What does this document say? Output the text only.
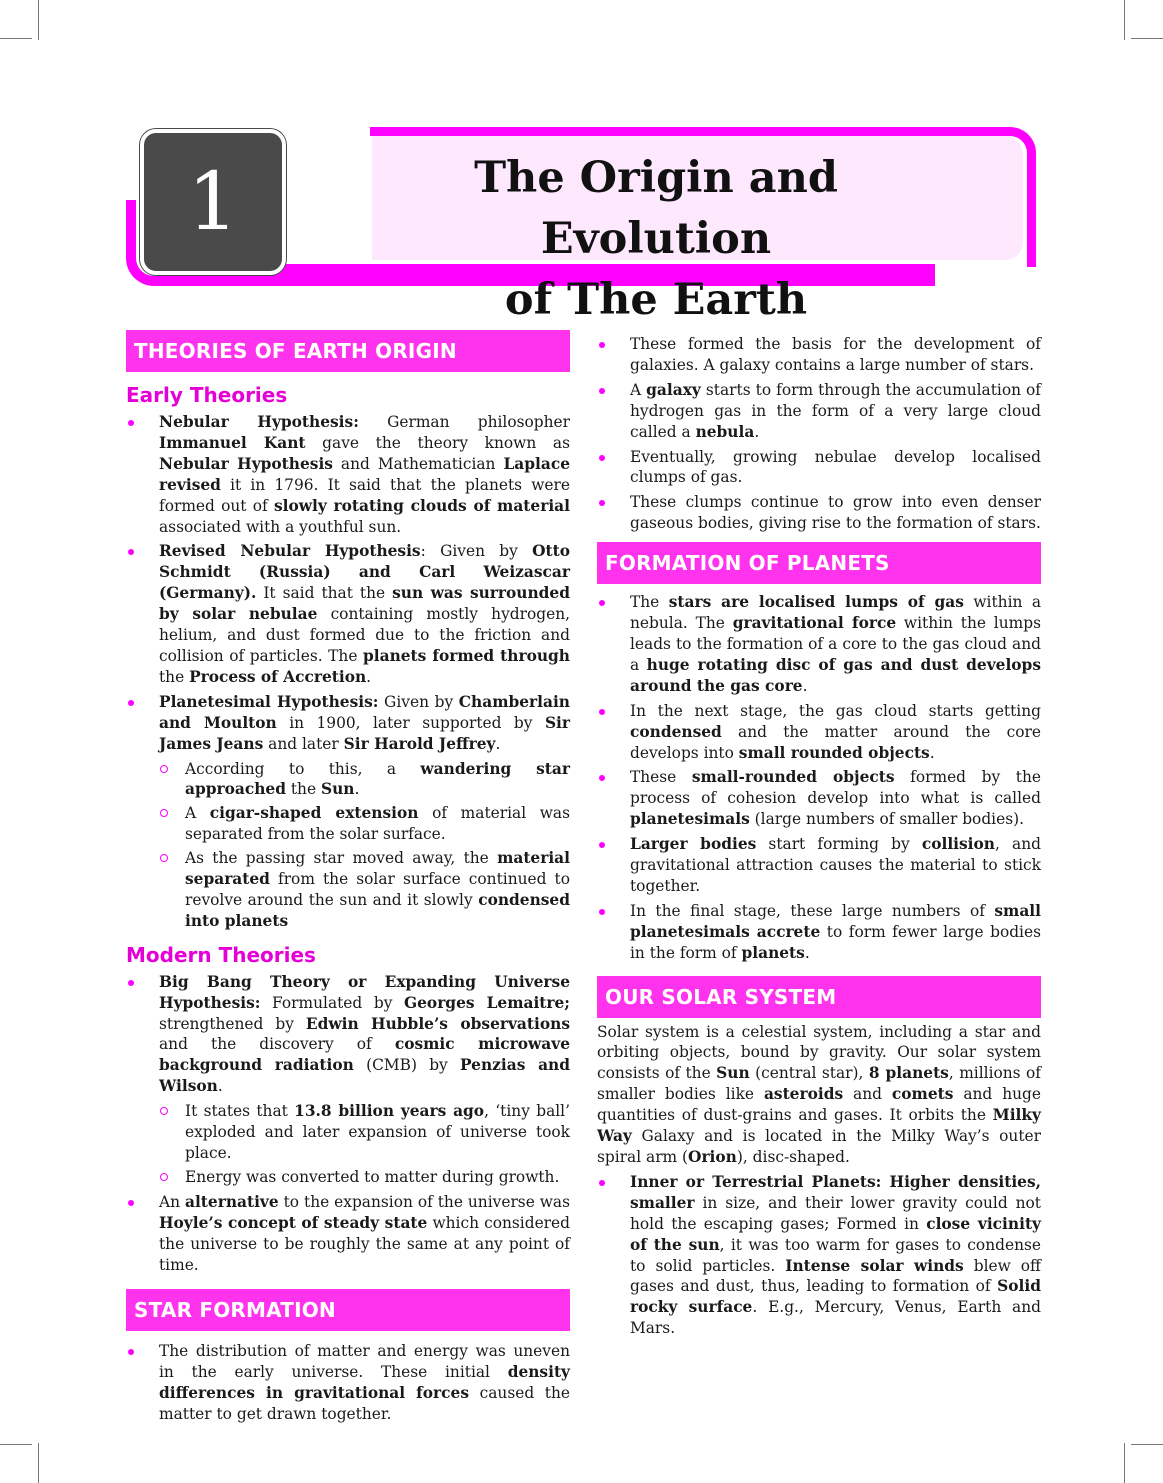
1	The Origin and Evolution
of The Earth
THEORIES OF EARTH ORIGIN
Early Theories
Nebular Hypothesis: German philosopher Immanuel Kant gave the theory known as Nebular Hypothesis and Mathematician Laplace revised it in 1796. It said that the planets were formed out of slowly rotating clouds of material associated with a youthful sun.
Revised Nebular Hypothesis: Given by Otto Schmidt (Russia) and Carl Weizascar (Germany). It said that the sun was surrounded by solar nebulae containing mostly hydrogen, helium, and dust formed due to the friction and collision of particles. The planets formed through the Process of Accretion.
Planetesimal Hypothesis: Given by Chamberlain and Moulton in 1900, later supported by Sir James Jeans and later Sir Harold Jeffrey.
According to this, a wandering star approached the Sun.
A cigar-shaped extension of material was separated from the solar surface.
As the passing star moved away, the material separated from the solar surface continued to revolve around the sun and it slowly condensed into planets
Modern Theories
Big Bang Theory or Expanding Universe Hypothesis: Formulated by Georges Lemaitre; strengthened by Edwin Hubble’s observations and the discovery of cosmic microwave background radiation (CMB) by Penzias and Wilson.
It states that 13.8 billion years ago, ‘tiny ball’ exploded and later expansion of universe took place.
Energy was converted to matter during growth.
An alternative to the expansion of the universe was Hoyle’s concept of steady state which considered the universe to be roughly the same at any point of time.
STAR FORMATION
The distribution of matter and energy was uneven in the early universe. These initial density differences in gravitational forces caused the matter to get drawn together.
These formed the basis for the development of galaxies. A galaxy contains a large number of stars.
A galaxy starts to form through the accumulation of hydrogen gas in the form of a very large cloud called a nebula.
Eventually, growing nebulae develop localised clumps of gas.
These clumps continue to grow into even denser gaseous bodies, giving rise to the formation of stars.
FORMATION OF PLANETS
The stars are localised lumps of gas within a nebula. The gravitational force within the lumps leads to the formation of a core to the gas cloud and a huge rotating disc of gas and dust develops around the gas core.
In the next stage, the gas cloud starts getting condensed and the matter around the core develops into small rounded objects.
These small-rounded objects formed by the process of cohesion develop into what is called planetesimals (large numbers of smaller bodies).
Larger bodies start forming by collision, and gravitational attraction causes the material to stick together.
In the final stage, these large numbers of small planetesimals accrete to form fewer large bodies in the form of planets.
OUR SOLAR SYSTEM

Solar system is a celestial system, including a star and orbiting objects, bound by gravity. Our solar system consists of the Sun (central star), 8 planets, millions of smaller bodies like asteroids and comets and huge quantities of dust-grains and gases. It orbits the Milky Way Galaxy and is located in the Milky Way’s outer spiral arm (Orion), disc-shaped.

Inner or Terrestrial Planets: Higher densities, smaller in size, and their lower gravity could not hold the escaping gases; Formed in close vicinity of the sun, it was too warm for gases to condense to solid particles. Intense solar winds blew off gases and dust, thus, leading to formation of Solid rocky surface. E.g., Mercury, Venus, Earth and Mars.
